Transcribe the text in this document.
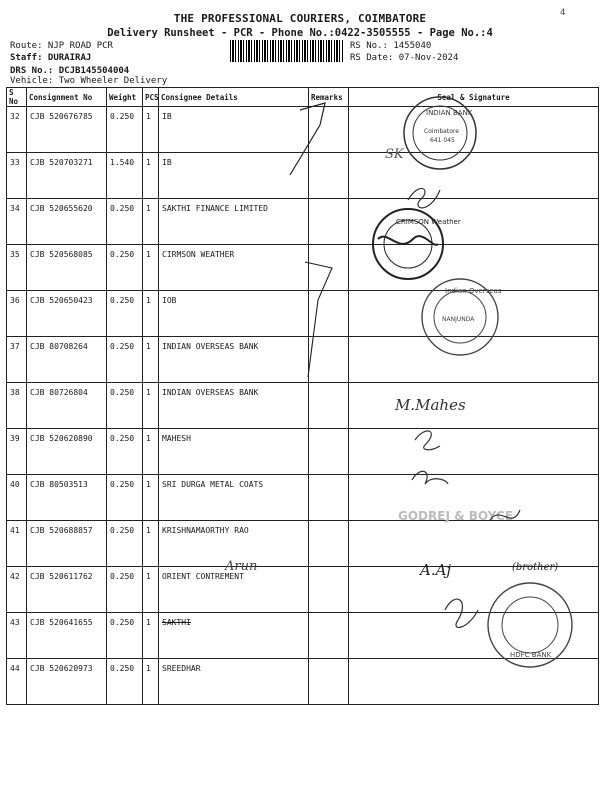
THE PROFESSIONAL COURIERS, COIMBATORE
Delivery Runsheet - PCR - Phone No.:0422-3505555 - Page No.:4
4
Route: NJP ROAD PCR
Staff: DURAIRAJ
DRS No.: DCJB145504004
Vehicle: Two Wheeler Delivery
RS No.: 1455040
RS Date: 07-Nov-2024
S No	Consignment No	Weight	PCS	Consignee Details	Remarks	Seal & Signature
32	CJB 520676785	0.250	1	IB		
33	CJB 520703271	1.540	1	IB		
34	CJB 520655620	0.250	1	SAKTHI FINANCE LIMITED		
35	CJB 520568085	0.250	1	CIRMSON WEATHER		
36	CJB 520650423	0.250	1	IOB		
37	CJB 80708264	0.250	1	INDIAN OVERSEAS BANK		
38	CJB 80726804	0.250	1	INDIAN OVERSEAS BANK		
39	CJB 520620890	0.250	1	MAHESH		
40	CJB 80503513	0.250	1	SRI DURGA METAL COATS		
41	CJB 520688857	0.250	1	KRISHNAMAORTHY RAO		
42	CJB 520611762	0.250	1	ORIENT CONTREMENT		
43	CJB 520641655	0.250	1	SAKTHI		
44	CJB 520620973	0.250	1	SREEDHAR		
INDIAN BANK
Coimbatore
641 045
SK
CRIMSON Weather
Indian Overseas
NANJUNDA
M.Mahes
GODREJ & BOYCE
Arun	A.Aj	(brother)
HDFC BANK
